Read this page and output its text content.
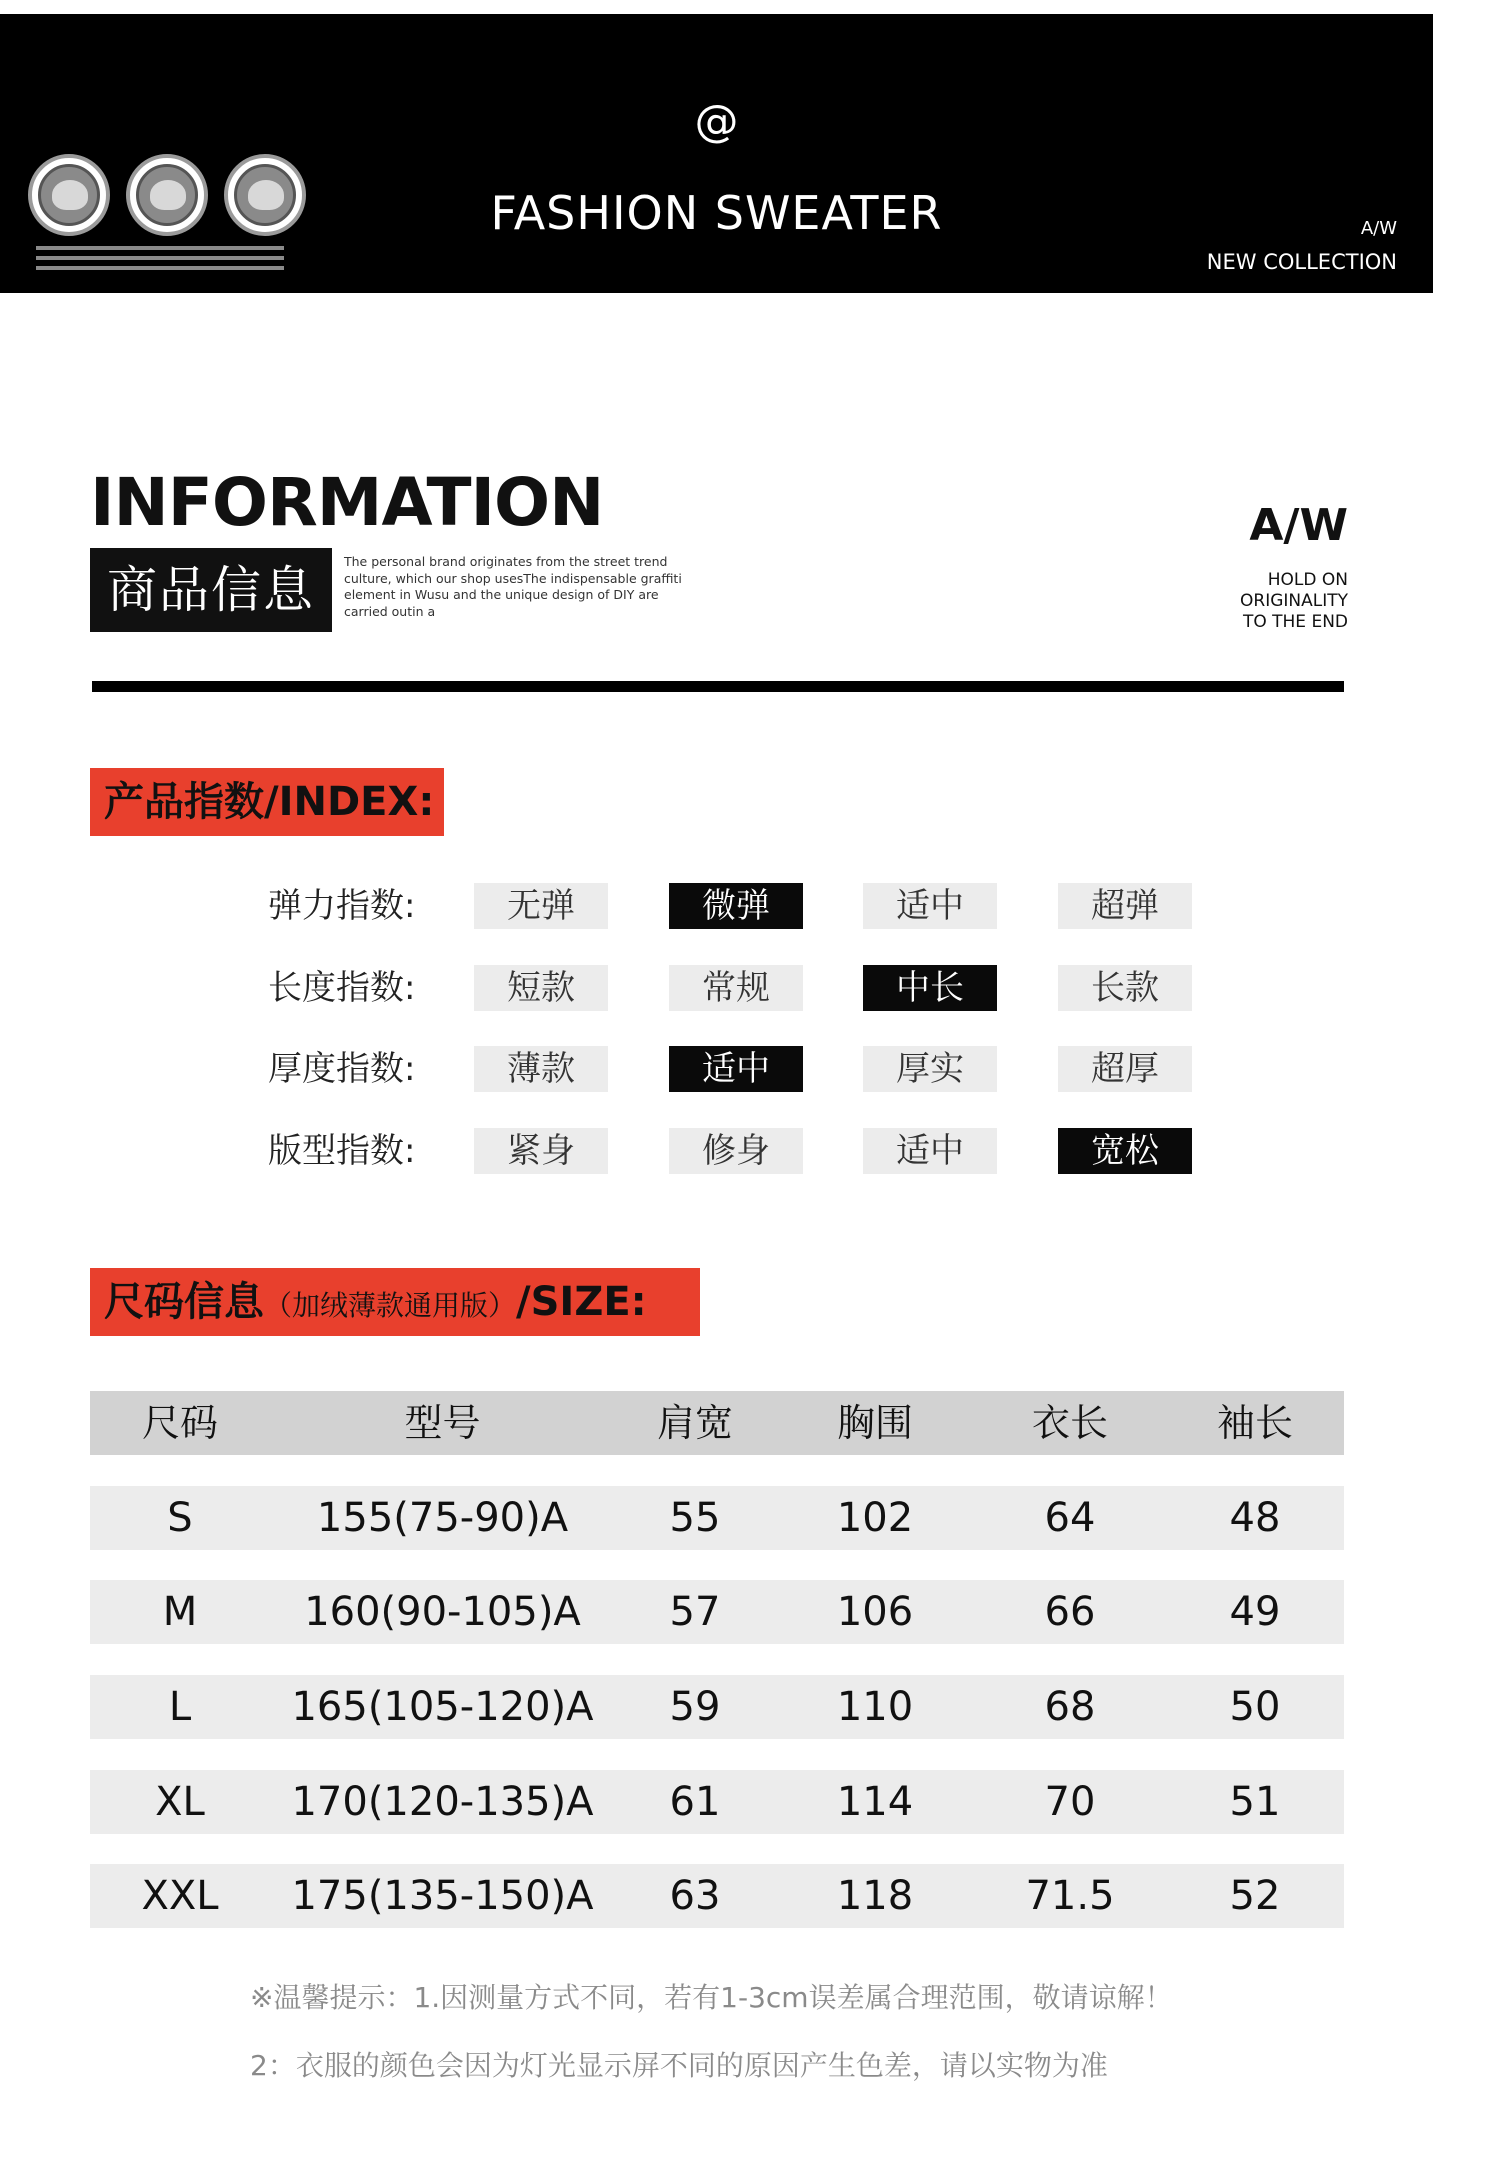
@
FASHION SWEATER	A/W
NEW COLLECTION
INFORMATION
商品信息	The personal brand originates from the street trend culture, which our shop usesThe indispensable graffiti element in Wusu and the unique design of DIY are carried outin a
A/W
HOLD ON
ORIGINALITY
TO THE END
产品指数/INDEX:
弹力指数:	无弹	微弹	适中	超弹
长度指数:	短款	常规	中长	长款
厚度指数:	薄款	适中	厚实	超厚
版型指数:	紧身	修身	适中	宽松
尺码信息（加绒薄款通用版）/SIZE:
尺码	型号	肩宽	胸围	衣长	袖长
S	155(75-90)A	55	102	64	48
M	160(90-105)A	57	106	66	49
L	165(105-120)A	59	110	68	50
XL	170(120-135)A	61	114	70	51
XXL	175(135-150)A	63	118	71.5	52
※温馨提示：1.因测量方式不同，若有1-3cm误差属合理范围，敬请谅解！
2：衣服的颜色会因为灯光显示屏不同的原因产生色差，请以实物为准
